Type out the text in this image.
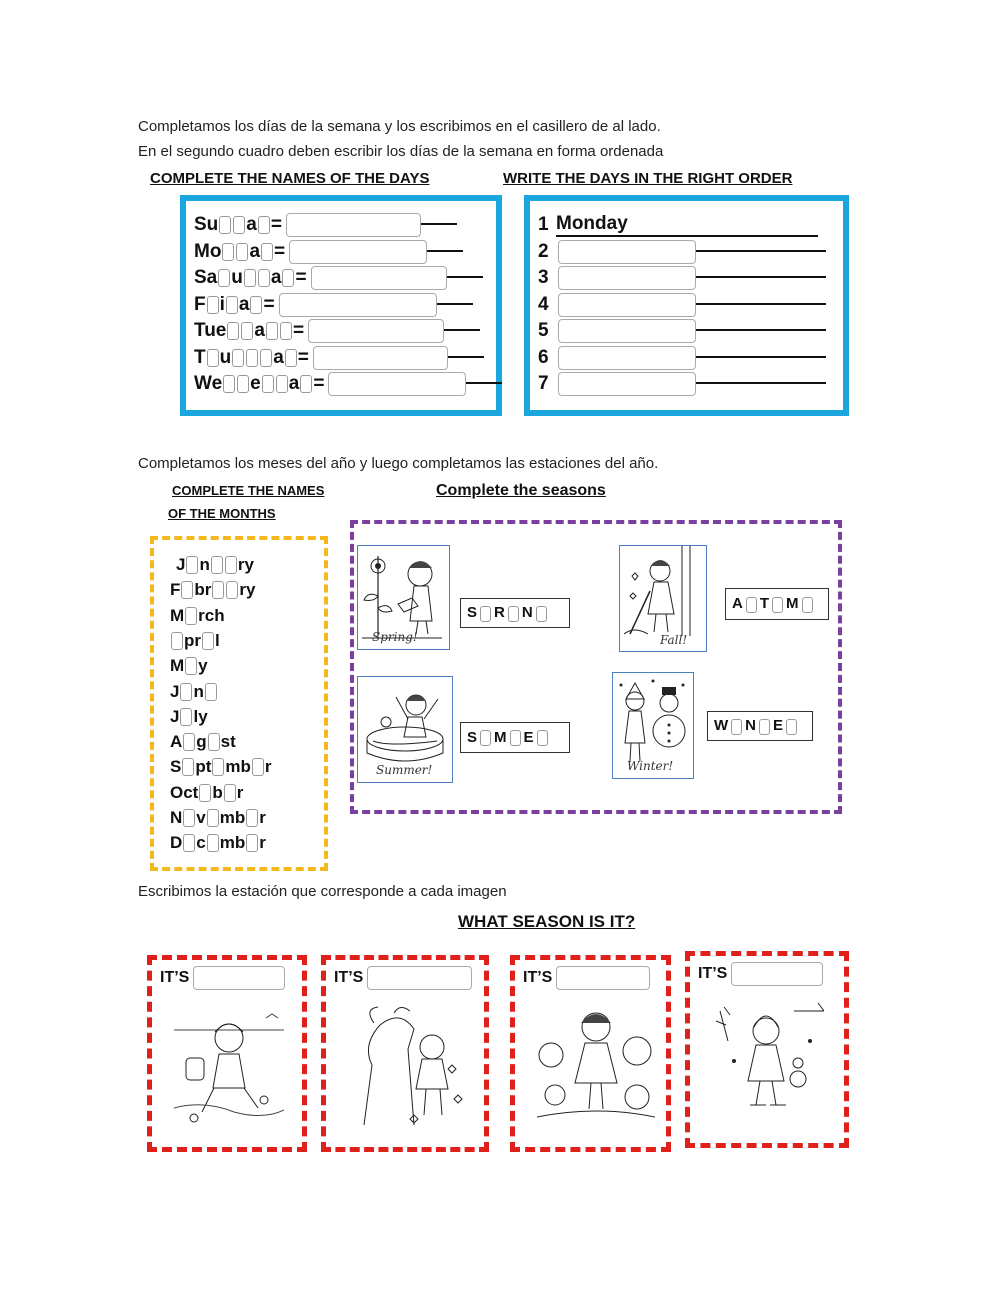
Completamos los días de la semana y los escribimos en el casillero de al lado.
En el segundo cuadro deben escribir los días de la semana en forma ordenada
COMPLETE THE NAMES OF THE DAYS	WRITE THE DAYS IN THE RIGHT ORDER
Su a =
Mo a =
Sa u a =
F i a =
Tue a =
T u a =
We e a =
1 Monday
2
3
4
5
6
7
Completamos los meses del año y luego completamos las estaciones del año.
COMPLETE THE NAMES
OF THE MONTHS
Complete the seasons
J n ry
F br ry
M rch
pr l
M y
J n
J ly
A g st
S pt mb r
Oct b r
N v mb r
D c mb r
Spring!
S R N
Fall!
A T M
Summer!
S M E
Winter!
W N E
Escribimos la estación que corresponde a cada imagen
WHAT SEASON IS IT?
IT’S	IT’S	IT’S	IT’S
